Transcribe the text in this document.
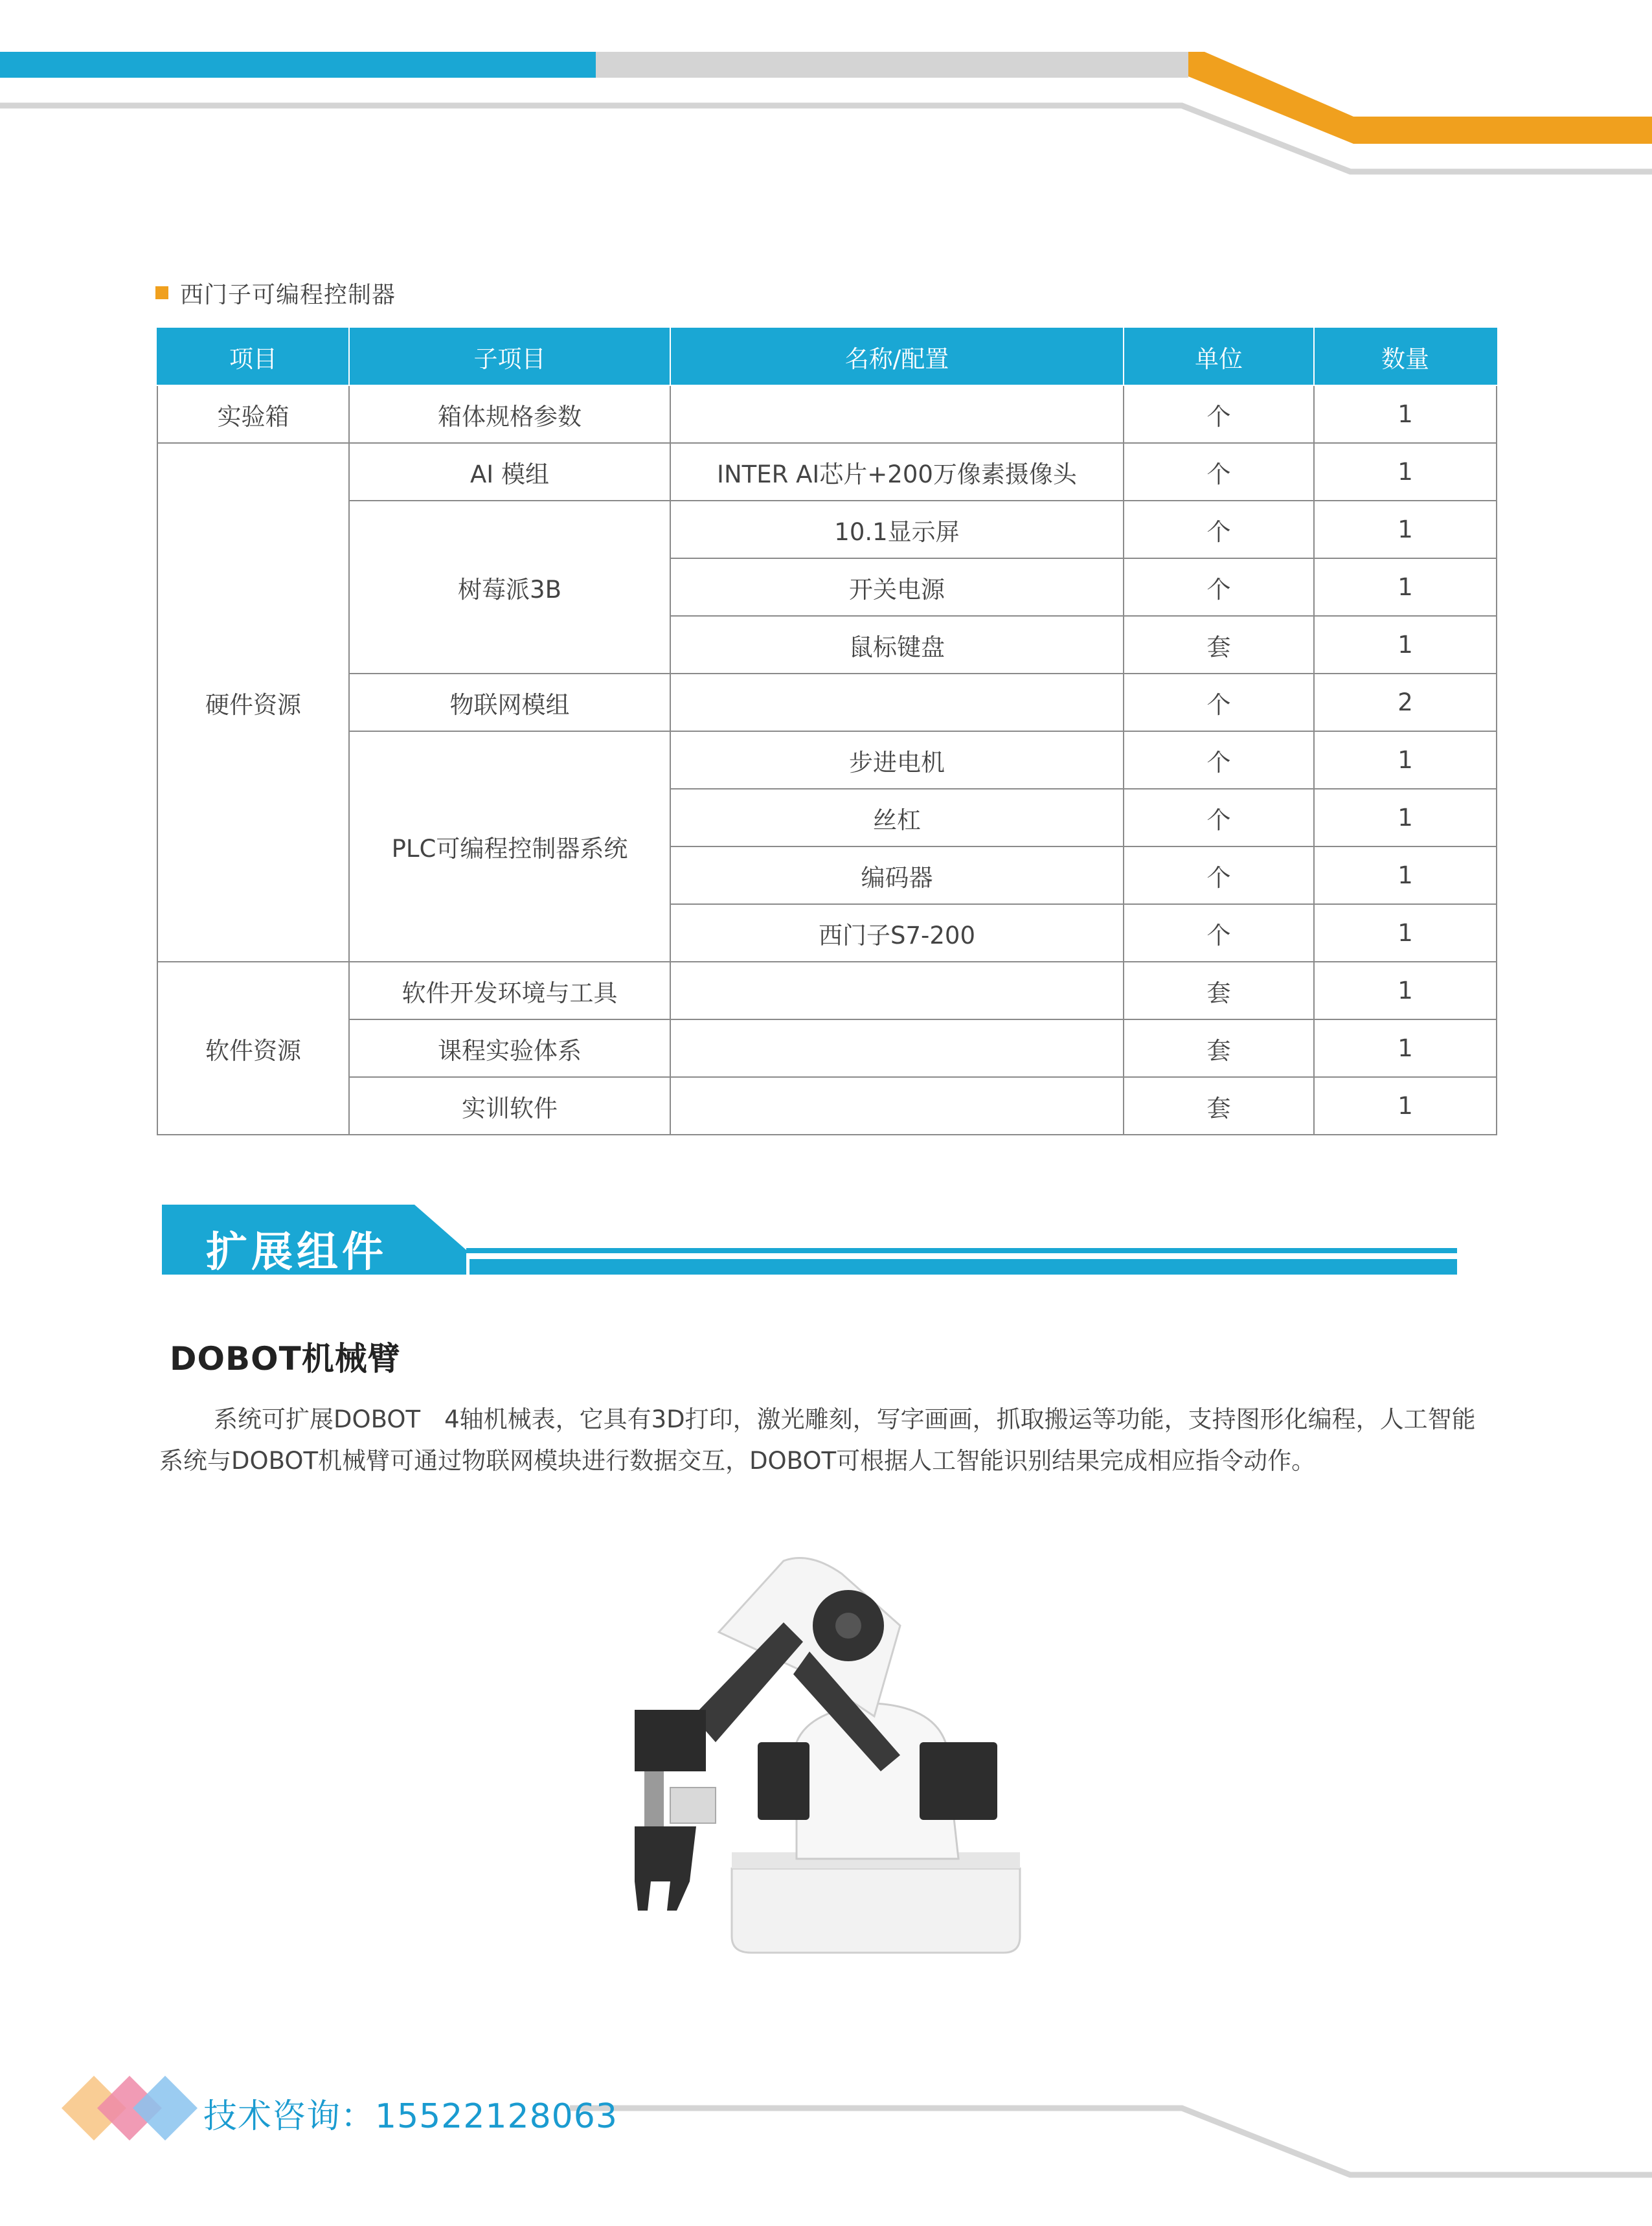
西门子可编程控制器
项目	子项目	名称/配置	单位	数量
实验箱	箱体规格参数		个	1
硬件资源	AI 模组	INTER AI芯片+200万像素摄像头	个	1
	树莓派3B	10.1显示屏	个	1
		开关电源	个	1
		鼠标键盘	套	1
	物联网模组		个	2
	PLC可编程控制器系统	步进电机	个	1
		丝杠	个	1
		编码器	个	1
		西门子S7-200	个	1
软件资源	软件开发环境与工具		套	1
	课程实验体系		套	1
	实训软件		套	1
扩展组件
DOBOT机械臂

系统可扩展DOBOT　4轴机械表，它具有3D打印，激光雕刻，写字画画，抓取搬运等功能，支持图形化编程，人工智能系统与DOBOT机械臂可通过物联网模块进行数据交互，DOBOT可根据人工智能识别结果完成相应指令动作。

技术咨询：15522128063
